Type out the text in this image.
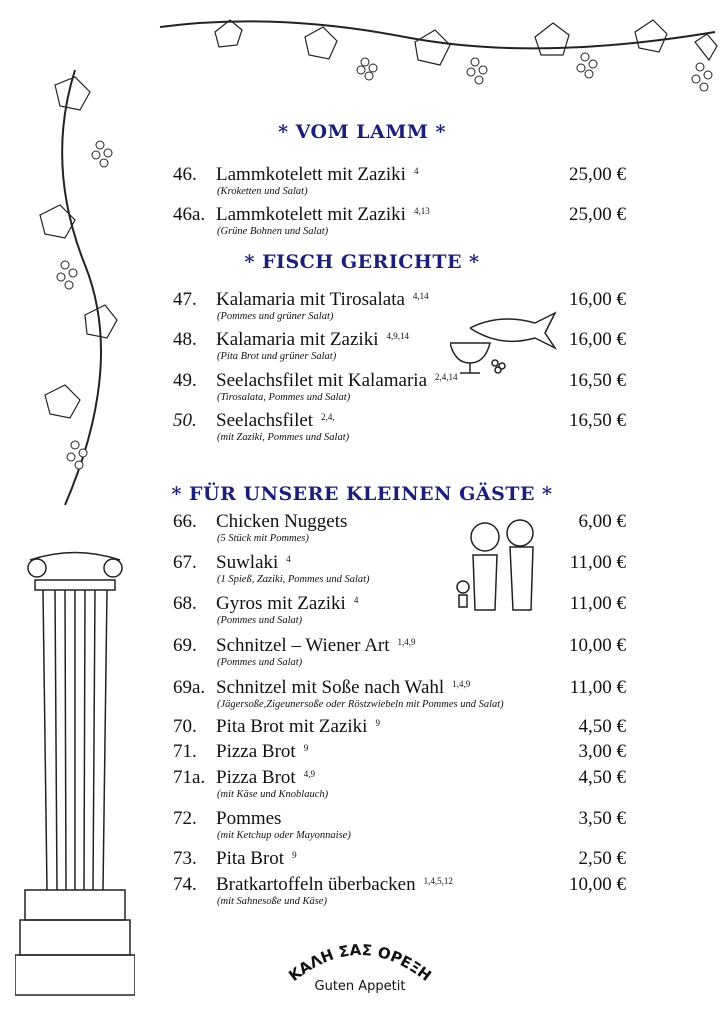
* VOM LAMM *
* FISCH GERICHTE *
* FÜR UNSERE KLEINEN GÄSTE *
46. Lammkotelett mit Zaziki $^4$	25,00 €
(Kroketten und Salat)
46a. Lammkotelett mit Zaziki $^{4,13}$	25,00 €
(Grüne Bohnen und Salat)
47. Kalamaria mit Tirosalata $^{4,14}$	16,00 €
(Pommes und grüner Salat)
48. Kalamaria mit Zaziki $^{4,9,14}$	16,00 €
(Pita Brot und grüner Salat)
49. Seelachsfilet mit Kalamaria $^{2,4,14}$	16,50 €
(Tirosalata, Pommes und Salat)
50. Seelachsfilet $^{2,4,}$	16,50 €
(mit Zaziki, Pommes und Salat)
66. Chicken Nuggets	6,00 €
(5 Stück mit Pommes)
67. Suwlaki $^4$	11,00 €
(1 Spieß, Zaziki, Pommes und Salat)
68. Gyros mit Zaziki $^4$	11,00 €
(Pommes und Salat)
69. Schnitzel – Wiener Art $^{1,4,9}$	10,00 €
(Pommes und Salat)
69a. Schnitzel mit Soße nach Wahl $^{1,4,9}$	11,00 €
(Jägersoße,Zigeunersoße oder Röstzwiebeln mit Pommes und Salat)
70. Pita Brot mit Zaziki $^9$	4,50 €
71. Pizza Brot $^9$	3,00 €
71a. Pizza Brot $^{4,9}$	4,50 €
(mit Käse und Knoblauch)
72. Pommes	3,50 €
(mit Ketchup oder Mayonnaise)
73. Pita Brot $^9$	2,50 €
74. Bratkartoffeln überbacken $^{1,4,5,12}$	10,00 €
(mit Sahnesoße und Käse)
ΚΑΛΗ ΣΑΣ ΟΡΕΞΗ
Guten Appetit
